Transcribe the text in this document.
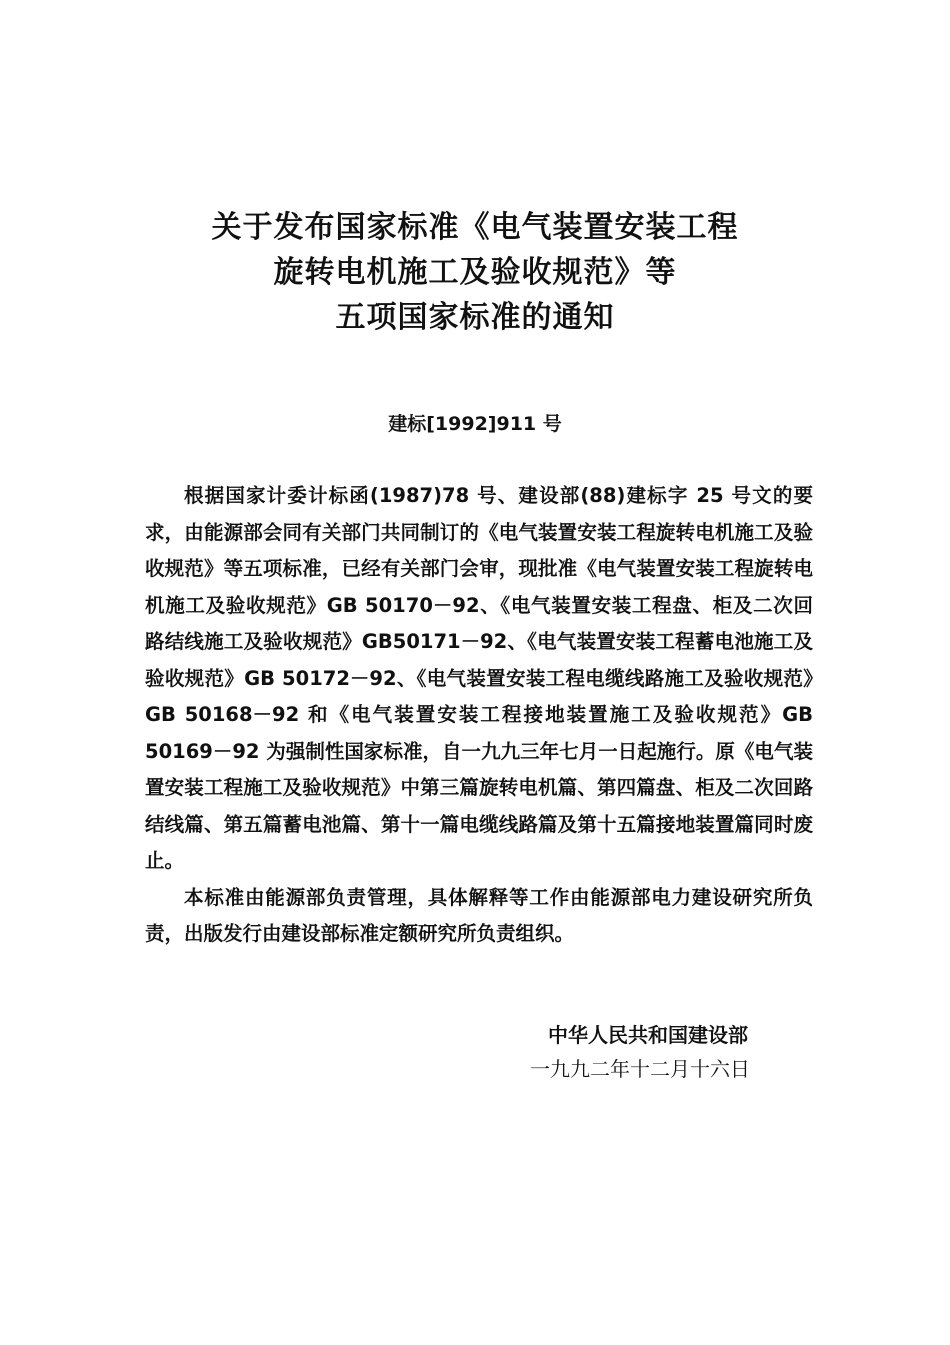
关于发布国家标准《电气装置安装工程
旋转电机施工及验收规范》等
五项国家标准的通知
建标[1992]911 号

根据国家计委计标函(1987)78 号、建设部(88)建标字 25 号文的要求，由能源部会同有关部门共同制订的《电气装置安装工程旋转电机施工及验收规范》等五项标准，已经有关部门会审，现批准《电气装置安装工程旋转电机施工及验收规范》GB 50170－92、《电气装置安装工程盘、柜及二次回路结线施工及验收规范》GB50171－92、《电气装置安装工程蓄电池施工及验收规范》GB 50172－92、《电气装置安装工程电缆线路施工及验收规范》GB 50168－92 和《电气装置安装工程接地装置施工及验收规范》GB 50169－92 为强制性国家标准，自一九九三年七月一日起施行。原《电气装置安装工程施工及验收规范》中第三篇旋转电机篇、第四篇盘、柜及二次回路结线篇、第五篇蓄电池篇、第十一篇电缆线路篇及第十五篇接地装置篇同时废止。

本标准由能源部负责管理，具体解释等工作由能源部电力建设研究所负责，出版发行由建设部标准定额研究所负责组织。

中华人民共和国建设部
一九九二年十二月十六日
